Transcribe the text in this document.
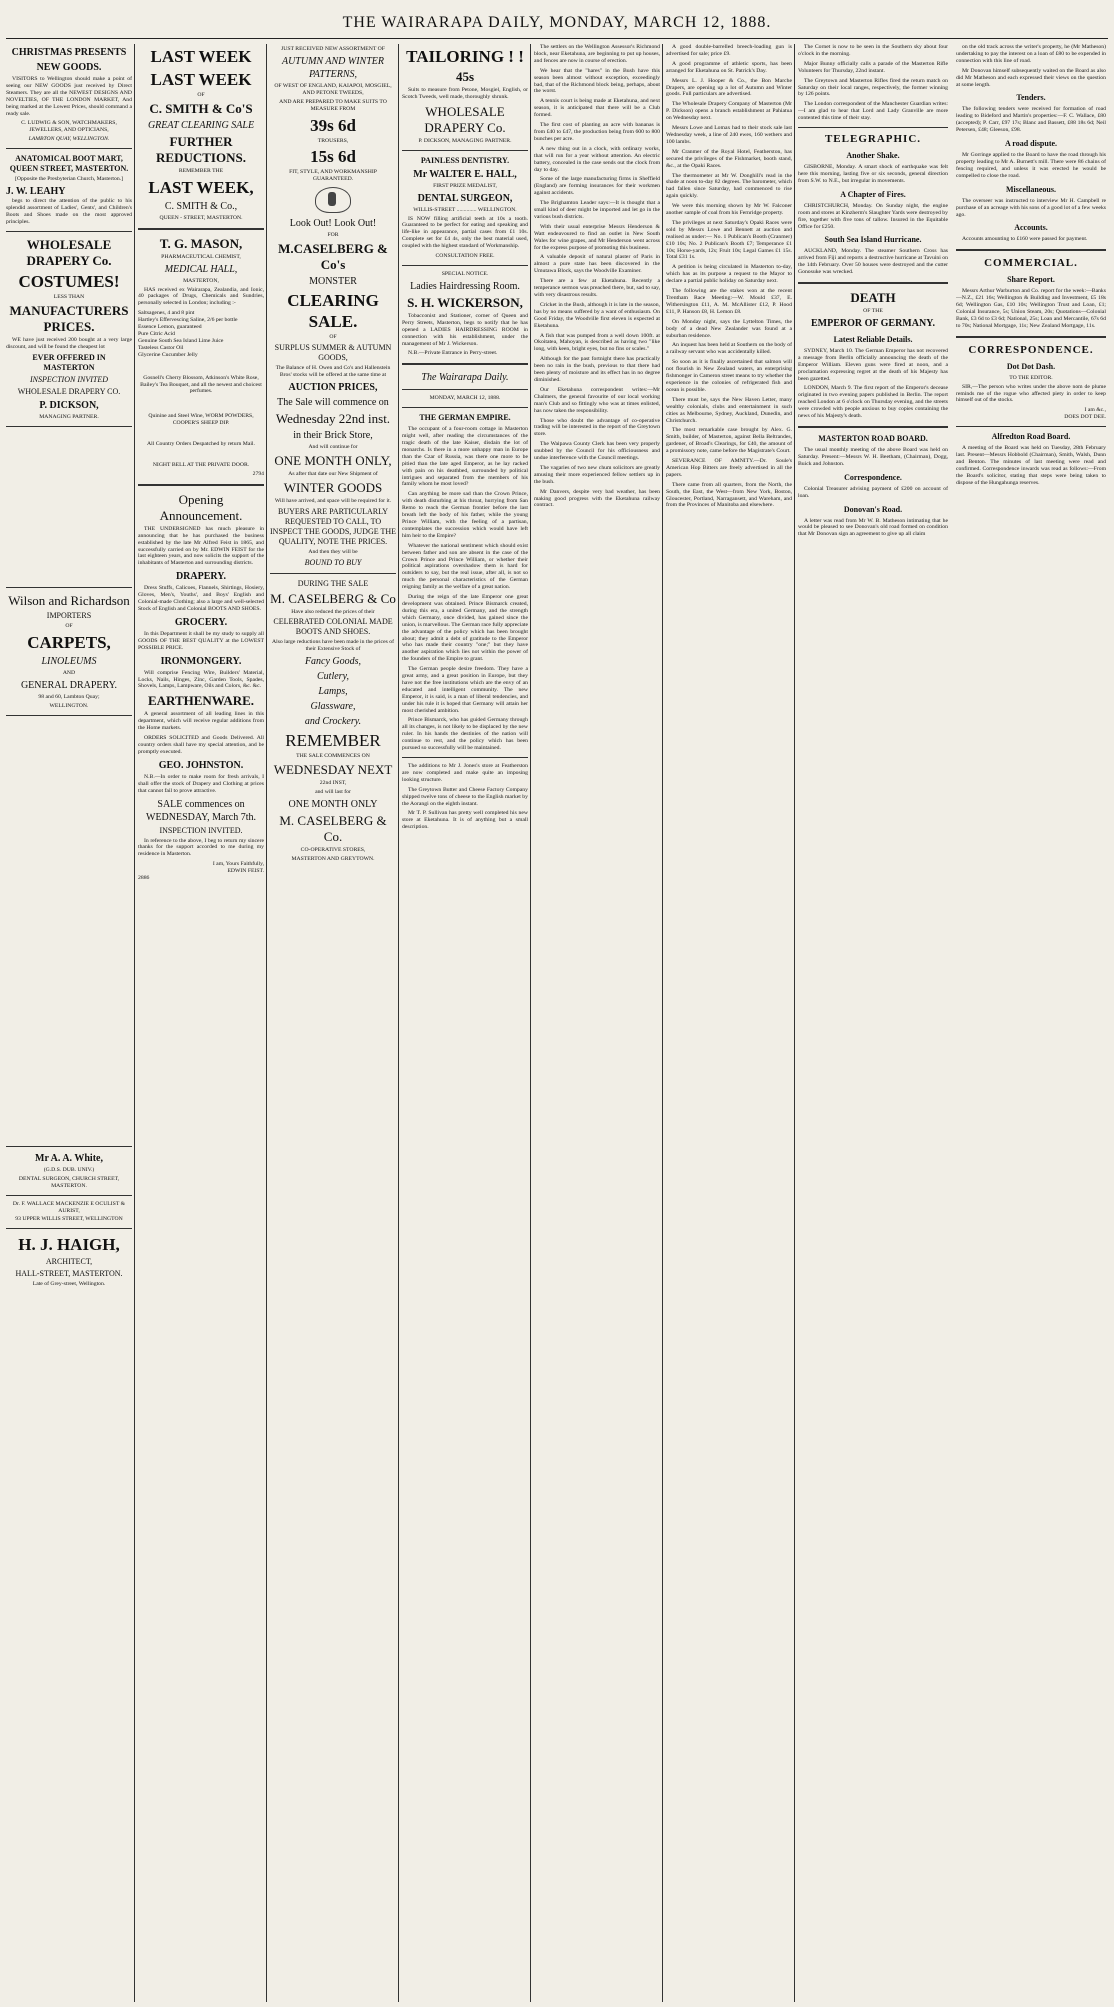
THE WAIRARAPA DAILY, MONDAY, MARCH 12, 1888.
CHRISTMAS PRESENTS
NEW GOODS.

VISITORS to Wellington should make a point of seeing our NEW GOODS just received by Direct Steamers. They are all the NEWEST DESIGNS AND NOVELTIES, OF THE LONDON MARKET, And being marked at the Lowest Prices, should command a ready sale.

C. LUDWIG & SON, WATCHMAKERS, JEWELLERS, AND OPTICIANS,
LAMBTON QUAY, WELLINGTON.
ANATOMICAL BOOT MART, QUEEN STREET, MASTERTON.
[Opposite the Presbyterian Church, Masterton.]
J. W. LEAHY

begs to direct the attention of the public to his splendid assortment of Ladies', Gents', and Children's Boots and Shoes made on the most approved principles.

WHOLESALE DRAPERY Co.
COSTUMES!
LESS THAN
MANUFACTURERS PRICES.

WE have just received 200 bought at a very large discount, and will be found the cheapest lot

EVER OFFERED IN MASTERTON
INSPECTION INVITED
WHOLESALE DRAPERY CO.
P. DICKSON,
MANAGING PARTNER.
Wilson and Richardson
IMPORTERS
OF
CARPETS,
LINOLEUMS
AND
GENERAL DRAPERY.
98 and 60, Lambton Quay;
WELLINGTON.
Mr A. A. White,
(G.D.S. DUB. UNIV.)
DENTAL SURGEON, CHURCH STREET, MASTERTON.
Dr. F. WALLACE MACKENZIE E OCULIST & AURIST,
93 UPPER WILLIS STREET, WELLINGTON
H. J. HAIGH,
ARCHITECT,
HALL-STREET, MASTERTON.
Late of Grey-street, Wellington.
LAST WEEK
LAST WEEK
OF
C. SMITH & Co'S
GREAT CLEARING SALE
FURTHER REDUCTIONS.
REMEMBER THE
LAST WEEK,
C. SMITH & Co.,
QUEEN - STREET, MASTERTON.
T. G. MASON,
PHARMACEUTICAL CHEMIST,
MEDICAL HALL,
MASTERTON,

HAS received ex Wairarapa, Zealandia, and Ionic, 40 packages of Drugs, Chemicals and Sundries, personally selected in London; including :-

Saltsagenes, 4 and 8 pint
Hartley's Effervescing Saline, 2/6 per bottle
Essence Lemon, guaranteed
Pure Citric Acid
Genuine South Sea Island Lime Juice
Tasteless Castor Oil
Glycerine Cucumber Jelly
Gosnell's Cherry Blossom, Atkinson's White Rose, Bailey's Tea Bouquet, and all the newest and choicest perfumes.
Quinine and Steel Wine, WORM POWDERS, COOPER'S SHEEP DIP.
All Country Orders Despatched by return Mail.
NIGHT BELL AT THE PRIVATE DOOR.
2794
Opening Announcement.

THE UNDERSIGNED has much pleasure in announcing that he has purchased the business established by the late Mr Alfred Feist in 1865, and successfully carried on by Mr. EDWIN FEIST for the last eighteen years, and now solicits the support of the inhabitants of Masterton and surrounding districts.

DRAPERY.

Dress Stuffs, Calicoes, Flannels, Shirtings, Hosiery, Gloves, Men's, Youths', and Boys' English and Colonial-made Clothing; also a large and well-selected Stock of English and Colonial BOOTS AND SHOES.

GROCERY.

In this Department it shall be my study to supply all GOODS OF THE BEST QUALITY at the LOWEST POSSIBLE PRICE.

IRONMONGERY.

Will comprise Fencing Wire, Builders' Material, Locks, Nails, Hinges, Zinc, Garden Tools, Spades, Shovels, Lamps, Lampware, Oils and Colors, &c. &c.

EARTHENWARE.

A general assortment of all leading lines in this department, which will receive regular additions from the Home markets.

ORDERS SOLICITED and Goods Delivered. All country orders shall have my special attention, and be promptly executed.

GEO. JOHNSTON.

N.B.—In order to make room for fresh arrivals, I shall offer the stock of Drapery and Clothing at prices that cannot fail to prove attractive.

SALE commences on WEDNESDAY, March 7th.
INSPECTION INVITED.

In reference to the above, I beg to return my sincere thanks for the support accorded to me during my residence in Masterton.

I am, Yours Faithfully,
EDWIN FEIST.
2886
JUST RECEIVED NEW ASSORTMENT OF
AUTUMN AND WINTER PATTERNS,
OF WEST OF ENGLAND, KAIAPOI, MOSGIEL, AND PETONE TWEEDS,
AND ARE PREPARED TO MAKE SUITS TO MEASURE FROM
39s 6d
TROUSERS,
15s 6d
FIT, STYLE, AND WORKMANSHIP GUARANTEED.
Look Out! Look Out!
FOR
M.CASELBERG & Co's
MONSTER
CLEARING SALE.
OF
SURPLUS SUMMER & AUTUMN GOODS,
The Balance of H. Owen and Co's and Hallenstein Bros' stocks will be offered at the same time at
AUCTION PRICES,
The Sale will commence on
Wednesday 22nd inst.
in their Brick Store,
And will continue for
ONE MONTH ONLY,
As after that date our New Shipment of
WINTER GOODS
Will have arrived, and space will be required for it.
BUYERS ARE PARTICULARLY REQUESTED TO CALL, TO INSPECT THE GOODS, JUDGE THE QUALITY, NOTE THE PRICES.
And then they will be
BOUND TO BUY
DURING THE SALE
M. CASELBERG & Co
Have also reduced the prices of their
CELEBRATED COLONIAL MADE BOOTS AND SHOES.
Also large reductions have been made in the prices of their Extensive Stock of
Fancy Goods,
Cutlery,
Lamps,
Glassware,
and Crockery.
REMEMBER
THE SALE COMMENCES ON
WEDNESDAY NEXT
22nd INST,
and will last for
ONE MONTH ONLY
M. CASELBERG & Co.
CO-OPERATIVE STORES,
MASTERTON AND GREYTOWN.
TAILORING ! !
45s

Suits to measure from Petone, Mosgiel, English, or Scotch Tweeds, well made, thoroughly shrunk.

WHOLESALE DRAPERY Co.
P. DICKSON, MANAGING PARTNER.
PAINLESS DENTISTRY.
Mr WALTER E. HALL,
FIRST PRIZE MEDALIST,
DENTAL SURGEON,
WILLIS-STREET .............. WELLINGTON.

IS NOW filling artificial teeth at 10s a tooth. Guaranteed to be perfect for eating and speaking and life-like in appearance, partial cases from £1 10s. Complete set for £4 4s, only the best material used, coupled with the highest standard of Workmanship.

CONSULTATION FREE.
SPECIAL NOTICE.
Ladies Hairdressing Room.
S. H. WICKERSON,

Tobacconist and Stationer, corner of Queen and Perry Streets, Masterton, begs to notify that he has opened a LADIES HAIRDRESSING ROOM in connection with his establishment, under the management of Mr J. Wickerson.

N.B.—Private Entrance in Perry-street.

The Wairarapa Daily.
MONDAY, MARCH 12, 1888.
THE GERMAN EMPIRE.

The occupant of a four-room cottage in Masterton might well, after reading the circumstances of the tragic death of the late Kaiser, disdain the lot of monarchs. Is there in a more unhappy man in Europe than the Czar of Russia, was there one more to be pitied than the late aged Emperor, as he lay racked with pain on his deathbed, surrounded by political intrigues and separated from the members of his family whom he most loved?

Can anything be more sad than the Crown Prince, with death disturbing at his throat, hurrying from San Remo to reach the German frontier before the last breath left the body of his father, while the young Prince William, with the feeling of a partisan, contemplates the succession which would have left him heir to the Empire?

Whatever the national sentiment which should exist between father and son are absent in the case of the Crown Prince and Prince William, or whether their political aspirations overshadow them is hard for outsiders to say, but the real issue, after all, is not so much the personal characteristics of the German reigning family as the welfare of a great nation.

During the reign of the late Emperor one great development was obtained. Prince Bismarck created, during this era, a united Germany, and the strength which Germany, once divided, has gained since the union, is marvellous. The German race fully appreciate the advantage of the policy which has been brought about; they admit a debt of gratitude to the Emperor who has made their country "one;" but they have another aspiration which lies not within the power of the founders of the Empire to grant.

The German people desire freedom. They have a great army, and a great position in Europe, but they have not the free institutions which are the envy of an educated and intelligent community. The new Emperor, it is said, is a man of liberal tendencies, and under his rule it is hoped that Germany will attain her most cherished ambition.

Prince Bismarck, who has guided Germany through all its changes, is not likely to be displaced by the new ruler. In his hands the destinies of the nation will continue to rest, and the policy which has been pursued so successfully will be maintained.

The additions to Mr J. Jones's store at Featherston are now completed and make quite an imposing looking structure.

The Greytown Butter and Cheese Factory Company shipped twelve tons of cheese to the English market by the Aorangi on the eighth instant.

Mr T. P. Sullivan has pretty well completed his new store at Eketahuna. It is of anything but a small description.

The settlers on the Wellington Assessor's Richmond block, near Eketahuna, are beginning to put up houses, and fences are now in course of erection.

We hear that the "hares" in the Bush have this season been almost without exception, exceedingly bad, that of the Richmond block being, perhaps, about the worst.

A tennis court is being made at Eketahuna, and next season, it is anticipated that there will be a Club formed.

The first cost of planting an acre with bananas is from £40 to £47, the production being from 600 to 800 bunches per acre.

A new thing out in a clock, with ordinary works, that will run for a year without attention. An electric battery, concealed in the case sends out the clock from day to day.

Some of the large manufacturing firms in Sheffield (England) are forming insurances for their workmen against accidents.

The Brighamton Leader says:—It is thought that a small kind of deer might be imported and let go in the various bush districts.

With their usual enterprise Messrs Henderson & Watt endeavoured to find an outlet in New South Wales for wine grapes, and Mr Henderson went across for the express purpose of promoting this business.

A valuable deposit of natural plaster of Paris in almost a pure state has been discovered in the Umutawa Block, says the Woodville Examiner.

There are a few at Eketahuna. Recently a temperance sermon was preached there, but, sad to say, with very disastrous results.

Cricket in the Bush, although it is late in the season, has by no means suffered by a want of enthusiasm. On Good Friday, the Woodville first eleven is expected at Eketahuna.

A fish that was pumped from a well down 100ft. at Okoitatea, Mahoyan, is described as having two "like long, with keen, bright eyes, but no fins or scales."

Although for the past fortnight there has practically been no rain in the bush, previous to that there had been plenty of moisture and its effect has in no degree diminished.

Our Eketahuna correspondent writes:—Mr Chalmers, the general favourite of our local working man's Club and so fittingly who was at times enlisted, has now taken the responsibility.

Those who doubt the advantage of co-operative trading will be interested in the report of the Greytown store.

The Waipawa County Clerk has been very properly snubbed by the Council for his officiousness and undue interference with the Council meetings.

The vagaries of two new chum solicitors are greatly amusing their more experienced fellow settlers up in the bush.

Mr Danvers, despite very bad weather, has been making good progress with the Eketahuna railway contract.

A good double-barrelled breech-loading gun is advertised for sale; price £9.

A good programme of athletic sports, has been arranged for Eketahuna on St. Patrick's Day.

Messrs L. J. Hooper & Co., the Bon Marche Drapers, are opening up a lot of Autumn and Winter goods. Full particulars are advertised.

The Wholesale Drapery Company of Masterton (Mr P. Dickson) opens a branch establishment at Pahiatua on Wednesday next.

Messrs Lowe and Lomax had to their stock sale last Wednesday week, a line of 240 ewes, 160 wethers and 100 lambs.

Mr Cranmer of the Royal Hotel, Featherston, has secured the privileges of the Fishmarket, booth stand, &c., at the Opaki Races.

The thermometer at Mr W. Donghill's read in the shade at noon to-day 82 degrees. The barometer, which had fallen since Saturday, had commenced to rise again quickly.

We were this morning shown by Mr W. Falconer another sample of coal from his Fernridge property.

The privileges at next Saturday's Opaki Races were sold by Messrs Lowe and Bennett at auction and realised as under:— No. 1 Publican's Booth (Cranmer) £10 10s; No. 2 Publican's Booth £7; Temperance £1 10s; Horse-yards, 12s; Fruit 10s; Legal Games £1 15s. Total £31 1s.

A petition is being circulated in Masterton to-day, which has as its purpose a request to the Mayor to declare a partial public holiday on Saturday next.

The following are the stakes won at the recent Trentham Race Meeting:—W. Mould £37, E. Withersington £11, A. M. McAllister £12, P. Hood £11, P. Hanson £8, H. Lemon £8.

On Monday night, says the Lyttelton Times, the body of a dead New Zealander was found at a suburban residence.

An inquest has been held at Southern on the body of a railway servant who was accidentally killed.

So soon as it is finally ascertained that salmon will not flourish in New Zealand waters, an enterprising fishmonger in Cameron street means to try whether the experience in the colonies of refrigerated fish and ocean is possible.

There must be, says the New Haven Letter, many wealthy colonials, clubs and entertainment in such cities as Melbourne, Sydney, Auckland, Dunedin, and Christchurch.

The most remarkable case brought by Alex. G. Smith, builder, of Masterton, against Bella Beltrandes, gardener, of Broad's Clearings, for £40, the amount of a promissory note, came before the Magistrate's Court.

SEVERANCE OF AMNITY.—Dr. Soule's American Hop Bitters are freely advertised in all the papers.

There came from all quarters, from the North, the South, the East, the West—from New York, Boston, Gloucester, Portland, Narragansett, and Wareham, and from the Provinces of Manitoba and elsewhere.

The Cornet is now to be seen in the Southern sky about four o'clock in the morning.

Major Bunny officially calls a parade of the Masterton Rifle Volunteers for Thursday, 22nd instant.

The Greytown and Masterton Rifles fired the return match on Saturday on their local ranges, respectively, the former winning by 126 points.

The London correspondent of the Manchester Guardian writes:—I am glad to hear that Lord and Lady Granville are more contented this time of their stay.

TELEGRAPHIC.
Another Shake.

GISBORNE, Monday. A smart shock of earthquake was felt here this morning, lasting five or six seconds, general direction from S.W. to N.E., but irregular in movements.

A Chapter of Fires.

CHRISTCHURCH, Monday. On Sunday night, the engine room and stores at Kinzherm's Slaughter Yards were destroyed by fire, together with five tons of tallow. Insured in the Equitable Office for £250.

South Sea Island Hurricane.

AUCKLAND, Monday. The steamer Southern Cross has arrived from Fiji and reports a destructive hurricane at Tavuini on the 14th February. Over 50 houses were destroyed and the cutter Gonosuke was wrecked.

DEATH
OF THE
EMPEROR OF GERMANY.
Latest Reliable Details.

SYDNEY, March 10. The German Emperor has not recovered a message from Berlin officially announcing the death of the Emperor William. Eleven guns were fired at noon, and a proclamation expressing regret at the death of his Majesty has been gazetted.

LONDON, March 9. The first report of the Emperor's decease originated in two evening papers published in Berlin. The report reached London at 6 o'clock on Thursday evening, and the streets were crowded with people anxious to buy copies containing the news of his Majesty's death.

MASTERTON ROAD BOARD.

The usual monthly meeting of the above Board was held on Saturday. Present:—Messrs W. H. Beetham, (Chairman), Dogg, Buick and Johnston.

Correspondence.

Colonial Treasurer advising payment of £200 on account of loan.

Donovan's Road.

A letter was read from Mr W. B. Matheson intimating that he would be pleased to see Donovan's old road formed on condition that Mr Donovan sign an agreement to give up all claim

on the old track across the writer's property, he (Mr Matheson) undertaking to pay the interest on a loan of £80 to be expended in connection with this line of road.

Mr Donovan himself subsequently waited on the Board as also did Mr Matheson and each expressed their views on the question at some length.

Tenders.

The following tenders were received for formation of road leading to Bideford and Martin's properties:—F. C. Wallace, £80 (accepted); P. Carr, £97 17s; Blanc and Bassett, £88 18s 6d; Neil Petersen, £48; Gleeson, £98.

A road dispute.

Mr Gorringe applied to the Board to have the road through his property leading to Mr A. Burnett's mill. There were 86 chains of fencing required, and unless it was erected he would be compelled to close the road.

Miscellaneous.

The overseer was instructed to interview Mr H. Campbell re purchase of an acreage with his sons of a good lot of a few weeks ago.

Accounts.

Accounts amounting to £160 were passed for payment.

COMMERCIAL.
Share Report.

Messrs Arthur Warburton and Co. report for the week:—Banks—N.Z., £21 16s; Wellington & Building and Investment, £5 18s 6d; Wellington Gas, £10 10s; Wellington Trust and Loan, £1; Colonial Insurance, 5s; Union Steam, 20s; Quotations—Colonial Bank, £3 6d to £3 6d; National, 25s; Loan and Mercantile, 67s 6d to 70s; National Mortgage, 11s; New Zealand Mortgage, 11s.

CORRESPONDENCE.
Dot Dot Dash.
TO THE EDITOR.

SIR,—The person who writes under the above nom de plume reminds me of the rogue who affected piety in order to keep himself out of the stocks.

I am &c.,
DOES DOT DEE.
Alfredton Road Board.

A meeting of the Board was held on Tuesday, 28th February last. Present—Messrs Hobbold (Chairman), Smith, Walsh, Dunn and Benton. The minutes of last meeting were read and confirmed. Correspondence inwards was read as follows:—From the Board's solicitor, stating that steps were being taken to dispose of the Hungahunga reserves.
